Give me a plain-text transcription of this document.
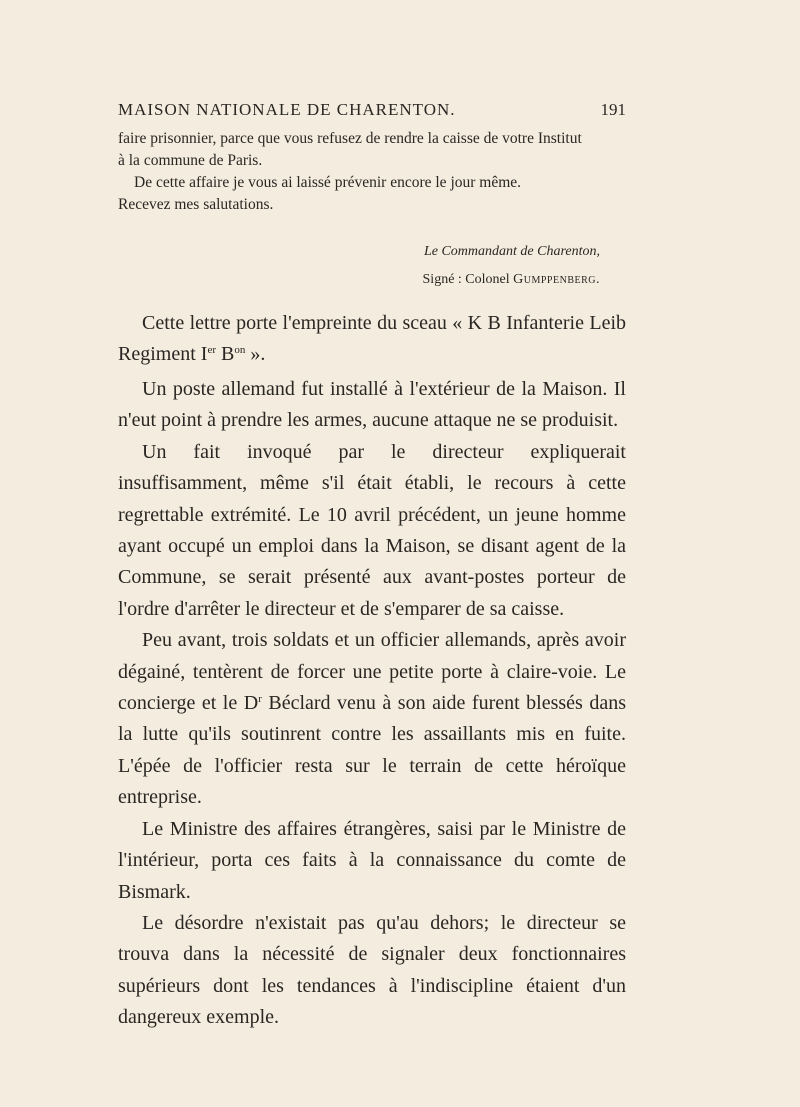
MAISON NATIONALE DE CHARENTON.	191

faire prisonnier, parce que vous refusez de rendre la caisse de votre Institut

à la commune de Paris.

De cette affaire je vous ai laissé prévenir encore le jour même.

Recevez mes salutations.

Le Commandant de Charenton,
Signé : Colonel Gumppenberg.

Cette lettre porte l'empreinte du sceau « K B Infanterie Leib Regiment Ier $B^{on}$ ».

Un poste allemand fut installé à l'extérieur de la Maison. Il n'eut point à prendre les armes, aucune attaque ne se produisit.

Un fait invoqué par le directeur expliquerait insuffisamment, même s'il était établi, le recours à cette regrettable extrémité. Le 10 avril précédent, un jeune homme ayant occupé un emploi dans la Maison, se disant agent de la Commune, se serait présenté aux avant-postes porteur de l'ordre d'arrêter le directeur et de s'emparer de sa caisse.

Peu avant, trois soldats et un officier allemands, après avoir dégainé, tentèrent de forcer une petite porte à claire-voie. Le concierge et le $D^r$ Béclard venu à son aide furent blessés dans la lutte qu'ils soutinrent contre les assaillants mis en fuite. L'épée de l'officier resta sur le terrain de cette héroïque entreprise.

Le Ministre des affaires étrangères, saisi par le Ministre de l'intérieur, porta ces faits à la connaissance du comte de Bismark.

Le désordre n'existait pas qu'au dehors; le directeur se trouva dans la nécessité de signaler deux fonctionnaires supérieurs dont les tendances à l'indiscipline étaient d'un dangereux exemple.
